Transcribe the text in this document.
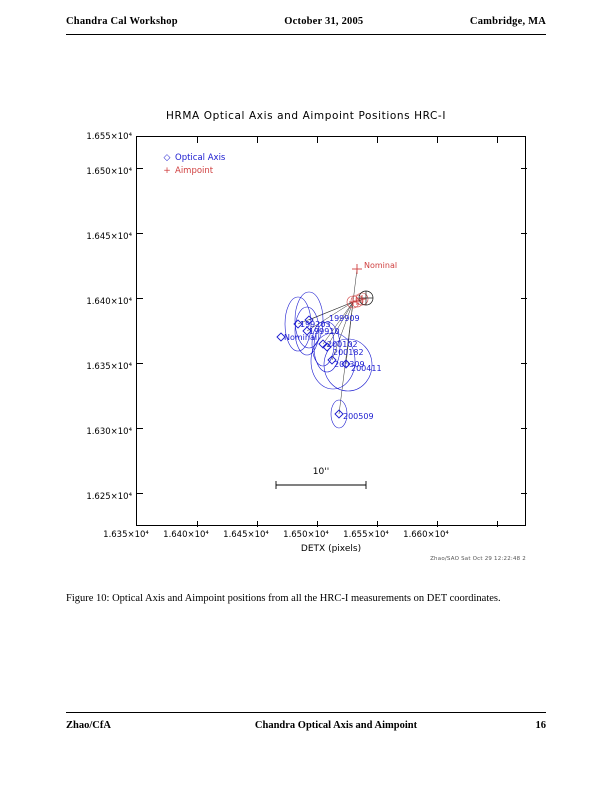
Chandra Cal Workshop	October 31, 2005	Cambridge, MA
HRMA Optical Axis and Aimpoint Positions HRC-I
1.625×10⁴
1.630×10⁴
1.635×10⁴
1.640×10⁴
1.645×10⁴
1.650×10⁴
1.655×10⁴
1.635×10⁴	1.640×10⁴	1.645×10⁴	1.650×10⁴	1.655×10⁴	1.660×10⁴
DETX (pixels)
Zhao/SAO Sat Oct 29 12:22:48 2
◇ Optical Axis
+ Aimpoint
Nominal
Nominal
199203
199909
199910
200102
200182
200309
200411
200509
10''
Figure 10: Optical Axis and Aimpoint positions from all the HRC-I measurements on DET coordinates.
Zhao/CfA	Chandra Optical Axis and Aimpoint	16
